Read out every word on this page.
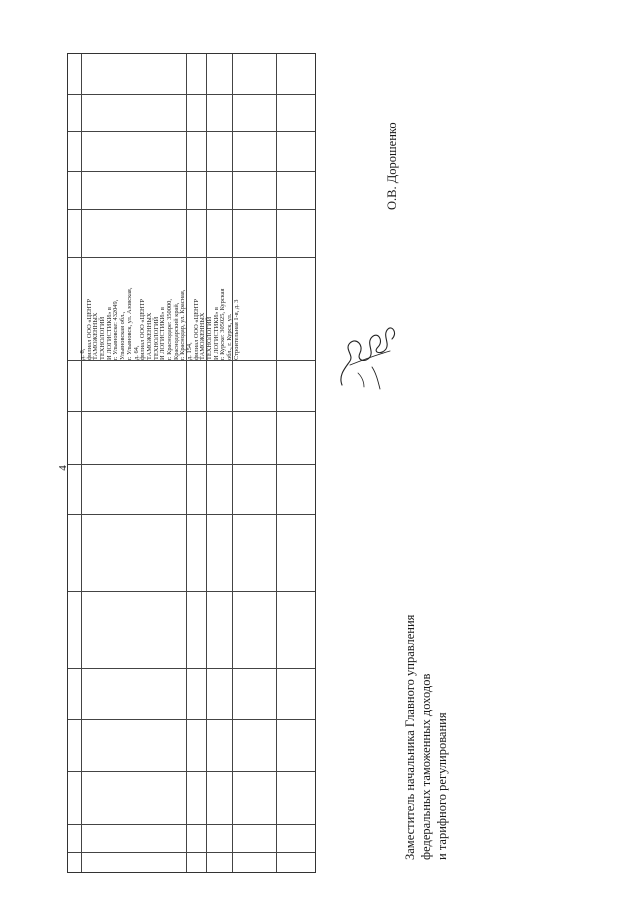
4
д. 8, филиал ООО «ЦЕНТР ТАМОЖЕННЫХ ТЕХНОЛОГИЙ И ЛОГИСТИКИ» в г. Ульяновске: 432049, Ульяновская обл., г. Ульяновск, ул. Азовская, д. 64, филиал ООО «ЦЕНТР ТАМОЖЕННЫХ ТЕХНОЛОГИЙ И ЛОГИСТИКИ» в г. Краснодаре: 350000, Краснодарский край, г. Краснодар, ул. Красная, д. 154, филиал ООО «ЦЕНТР ТАМОЖЕННЫХ ТЕХНОЛОГИЙ И ЛОГИСТИКИ» в г. Курске: 305025, Курская обл., г. Курск, ул. Строительная 1-я, д. 3
Заместитель начальника Главного управления федеральных таможенных доходов и тарифного регулирования
О.В. Дорошенко
